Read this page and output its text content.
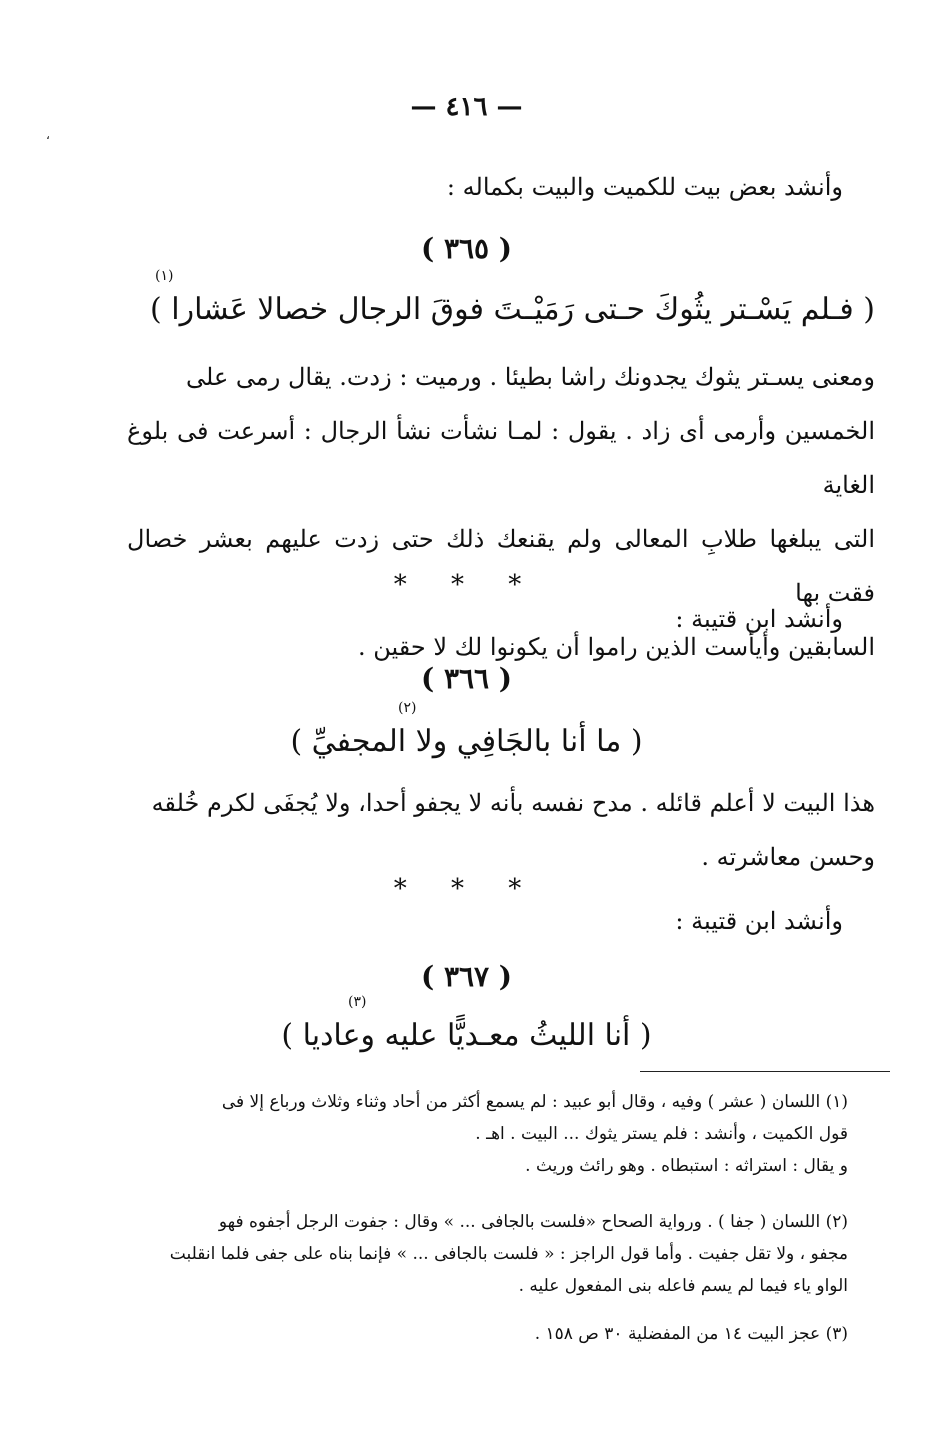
— ٤١٦ —
،
وأنشد بعض بيت للكميت والبيت بكماله :
( ٣٦٥ )
( فـلم يَسْـتر يثُوكَ حـتى رَمَيْـ
ـتَ فوقَ الرجال خصالا عَشارا )
(١)

ومعنى يسـتر يثوك يجدونك راشا بطيئا . ورميت : زدت. يقال رمى على

الخمسين وأرمى أى زاد . يقول : لمـا نشأت نشأ الرجال : أسرعت فى بلوغ الغاية

التى يبلغها طلابِ المعالى ولم يقنعك ذلك حتى زدت عليهم بعشر خصال فقت بها

السابقين وأيأست الذين راموا أن يكونوا لك لا حقين .

* * *
وأنشد ابن قتيبة :
( ٣٦٦ )
( ما أنا بالجَافِي ولا المجفيِّ )
(٢)

هذا البيت لا أعلم قائله . مدح نفسه بأنه لا يجفو أحدا، ولا يُجفَى لكرم خُلقه

وحسن معاشرته .

* * *
وأنشد ابن قتيبة :
( ٣٦٧ )
( أنا الليثُ معـديًّا عليه وعاديا )
(٣)

(١) اللسان ( عشر ) وفيه ، وقال أبو عبيد : لم يسمع أكثر من أحاد وثناء وثلاث ورباع إلا فى

قول الكميت ، وأنشد : فلم يستر يثوك ... البيت . اهـ .

و يقال : استراثه : استبطاه . وهو رائث وريث .

(٢) اللسان ( جفا ) . ورواية الصحاح «فلست بالجافى ... » وقال : جفوت الرجل أجفوه فهو

مجفو ، ولا تقل جفيت . وأما قول الراجز : « فلست بالجافى ... » فإنما بناه على جفى فلما انقلبت

الواو ياء فيما لم يسم فاعله بنى المفعول عليه .

(٣) عجز البيت ١٤ من المفضلية ٣٠ ص ١٥٨ .
